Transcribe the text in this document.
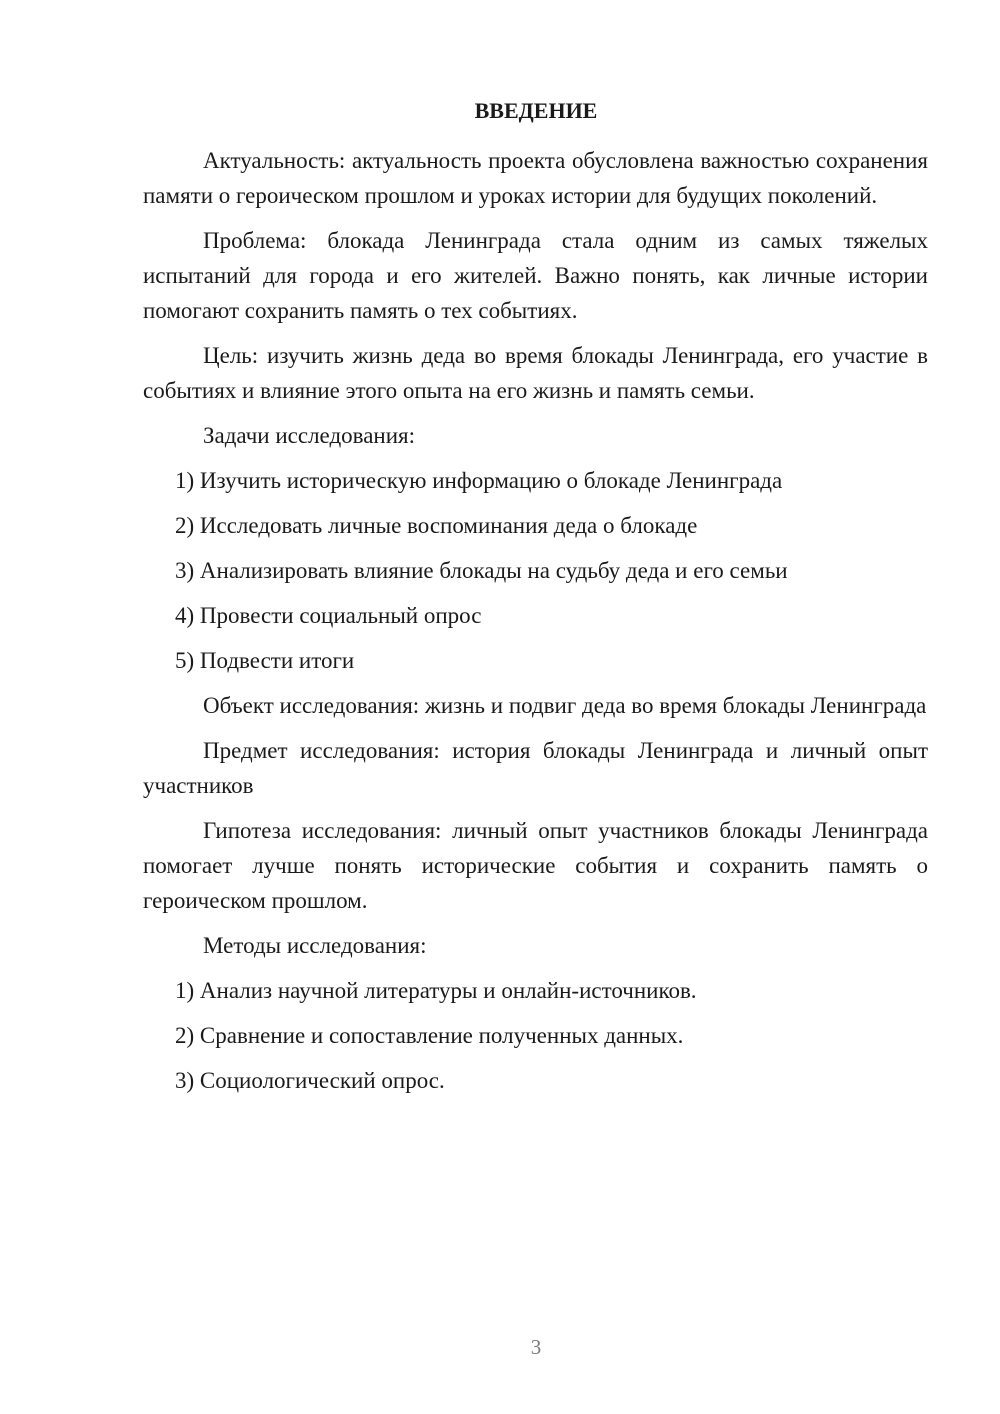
ВВЕДЕНИЕ

Актуальность: актуальность проекта обусловлена важностью сохранения памяти о героическом прошлом и уроках истории для будущих поколений.

Проблема: блокада Ленинграда стала одним из самых тяжелых испытаний для города и его жителей. Важно понять, как личные истории помогают сохранить память о тех событиях.

Цель: изучить жизнь деда во время блокады Ленинграда, его участие в событиях и влияние этого опыта на его жизнь и память семьи.

Задачи исследования:

1) Изучить историческую информацию о блокаде Ленинграда
2) Исследовать личные воспоминания деда о блокаде
3) Анализировать влияние блокады на судьбу деда и его семьи
4) Провести социальный опрос
5) Подвести итоги

Объект исследования: жизнь и подвиг деда во время блокады Ленинграда

Предмет исследования: история блокады Ленинграда и личный опыт участников

Гипотеза исследования: личный опыт участников блокады Ленинграда помогает лучше понять исторические события и сохранить память о героическом прошлом.

Методы исследования:

1) Анализ научной литературы и онлайн-источников.
2) Сравнение и сопоставление полученных данных.
3) Социологический опрос.
3
